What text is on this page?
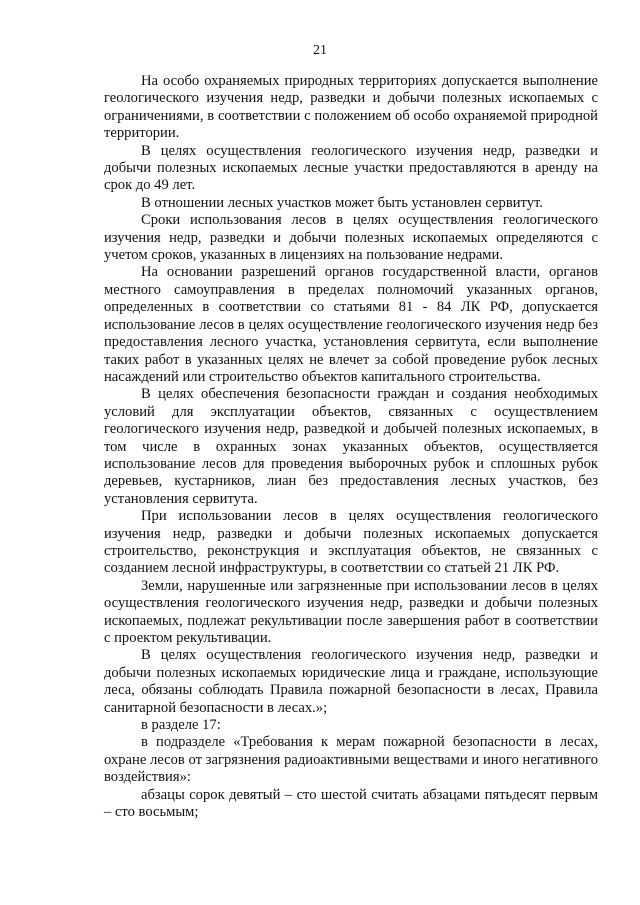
21

На особо охраняемых природных территориях допускается выполнение геологического изучения недр, разведки и добычи полезных ископаемых с ограничениями, в соответствии с положением об особо охраняемой природной территории.

В целях осуществления геологического изучения недр, разведки и добычи полезных ископаемых лесные участки предоставляются в аренду на срок до 49 лет.

В отношении лесных участков может быть установлен сервитут.

Сроки использования лесов в целях осуществления геологического изучения недр, разведки и добычи полезных ископаемых определяются с учетом сроков, указанных в лицензиях на пользование недрами.

На основании разрешений органов государственной власти, органов местного самоуправления в пределах полномочий указанных органов, определенных в соответствии со статьями 81 - 84 ЛК РФ, допускается использование лесов в целях осуществление геологического изучения недр без предоставления лесного участка, установления сервитута, если выполнение таких работ в указанных целях не влечет за собой проведение рубок лесных насаждений или строительство объектов капитального строительства.

В целях обеспечения безопасности граждан и создания необходимых условий для эксплуатации объектов, связанных с осуществлением геологического изучения недр, разведкой и добычей полезных ископаемых, в том числе в охранных зонах указанных объектов, осуществляется использование лесов для проведения выборочных рубок и сплошных рубок деревьев, кустарников, лиан без предоставления лесных участков, без установления сервитута.

При использовании лесов в целях осуществления геологического изучения недр, разведки и добычи полезных ископаемых допускается строительство, реконструкция и эксплуатация объектов, не связанных с созданием лесной инфраструктуры, в соответствии со статьей 21 ЛК РФ.

Земли, нарушенные или загрязненные при использовании лесов в целях осуществления геологического изучения недр, разведки и добычи полезных ископаемых, подлежат рекультивации после завершения работ в соответствии с проектом рекультивации.

В целях осуществления геологического изучения недр, разведки и добычи полезных ископаемых юридические лица и граждане, использующие леса, обязаны соблюдать Правила пожарной безопасности в лесах, Правила санитарной безопасности в лесах.»;

в разделе 17:

в подразделе «Требования к мерам пожарной безопасности в лесах, охране лесов от загрязнения радиоактивными веществами и иного негативного воздействия»:

абзацы сорок девятый – сто шестой считать абзацами пятьдесят первым – сто восьмым;
